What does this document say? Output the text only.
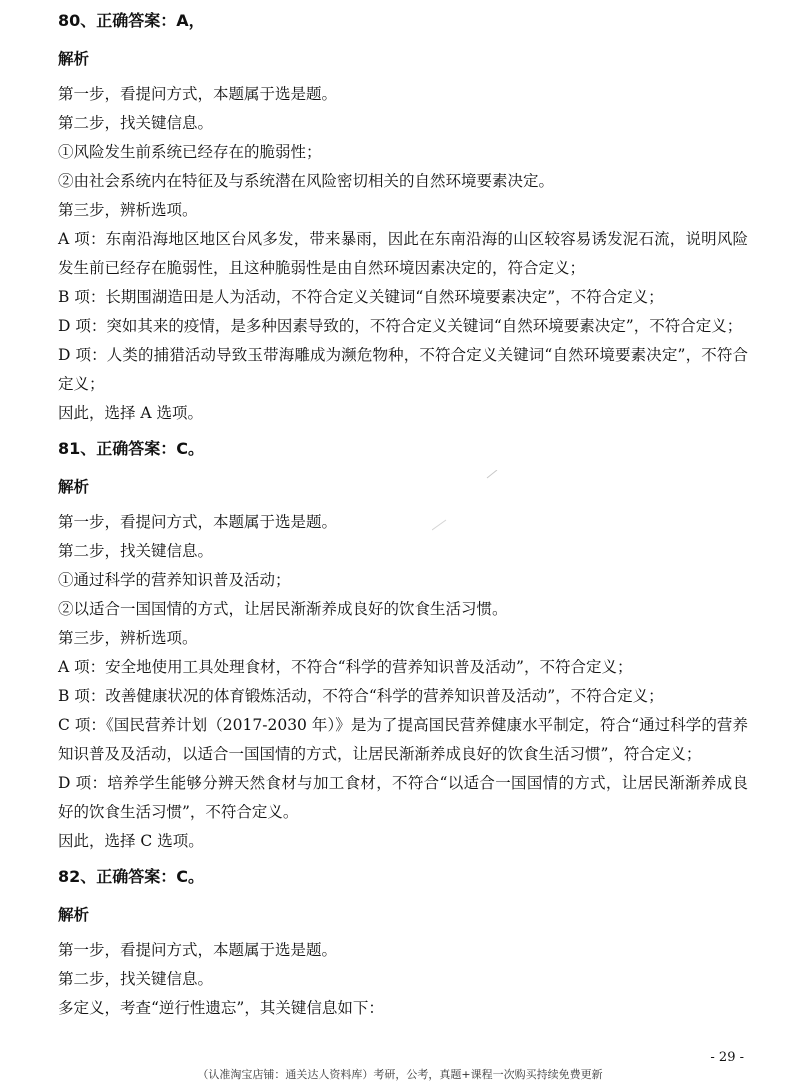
80、正确答案：A，
解析

第一步，看提问方式，本题属于选是题。

第二步，找关键信息。

①风险发生前系统已经存在的脆弱性；

②由社会系统内在特征及与系统潜在风险密切相关的自然环境要素决定。

第三步，辨析选项。

A 项：东南沿海地区地区台风多发，带来暴雨，因此在东南沿海的山区较容易诱发泥石流，说明风险发生前已经存在脆弱性，且这种脆弱性是由自然环境因素决定的，符合定义；

B 项：长期围湖造田是人为活动，不符合定义关键词“自然环境要素决定”，不符合定义；

D 项：突如其来的疫情，是多种因素导致的，不符合定义关键词“自然环境要素决定”，不符合定义；

D 项：人类的捕猎活动导致玉带海雕成为濒危物种，不符合定义关键词“自然环境要素决定”，不符合定义；

因此，选择 A 选项。

81、正确答案：C。
解析

第一步，看提问方式，本题属于选是题。

第二步，找关键信息。

①通过科学的营养知识普及活动；

②以适合一国国情的方式，让居民渐渐养成良好的饮食生活习惯。

第三步，辨析选项。

A 项：安全地使用工具处理食材，不符合“科学的营养知识普及活动”，不符合定义；

B 项：改善健康状况的体育锻炼活动，不符合“科学的营养知识普及活动”，不符合定义；

C 项：《国民营养计划（2017-2030 年）》是为了提高国民营养健康水平制定，符合“通过科学的营养知识普及及活动，以适合一国国情的方式，让居民渐渐养成良好的饮食生活习惯”，符合定义；

D 项：培养学生能够分辨天然食材与加工食材，不符合“以适合一国国情的方式，让居民渐渐养成良好的饮食生活习惯”，不符合定义。

因此，选择 C 选项。

82、正确答案：C。
解析

第一步，看提问方式，本题属于选是题。

第二步，找关键信息。

多定义，考查“逆行性遗忘”，其关键信息如下：

- 29 -
（认准淘宝店铺：通关达人资料库）考研，公考，真题+课程一次购买持续免费更新
